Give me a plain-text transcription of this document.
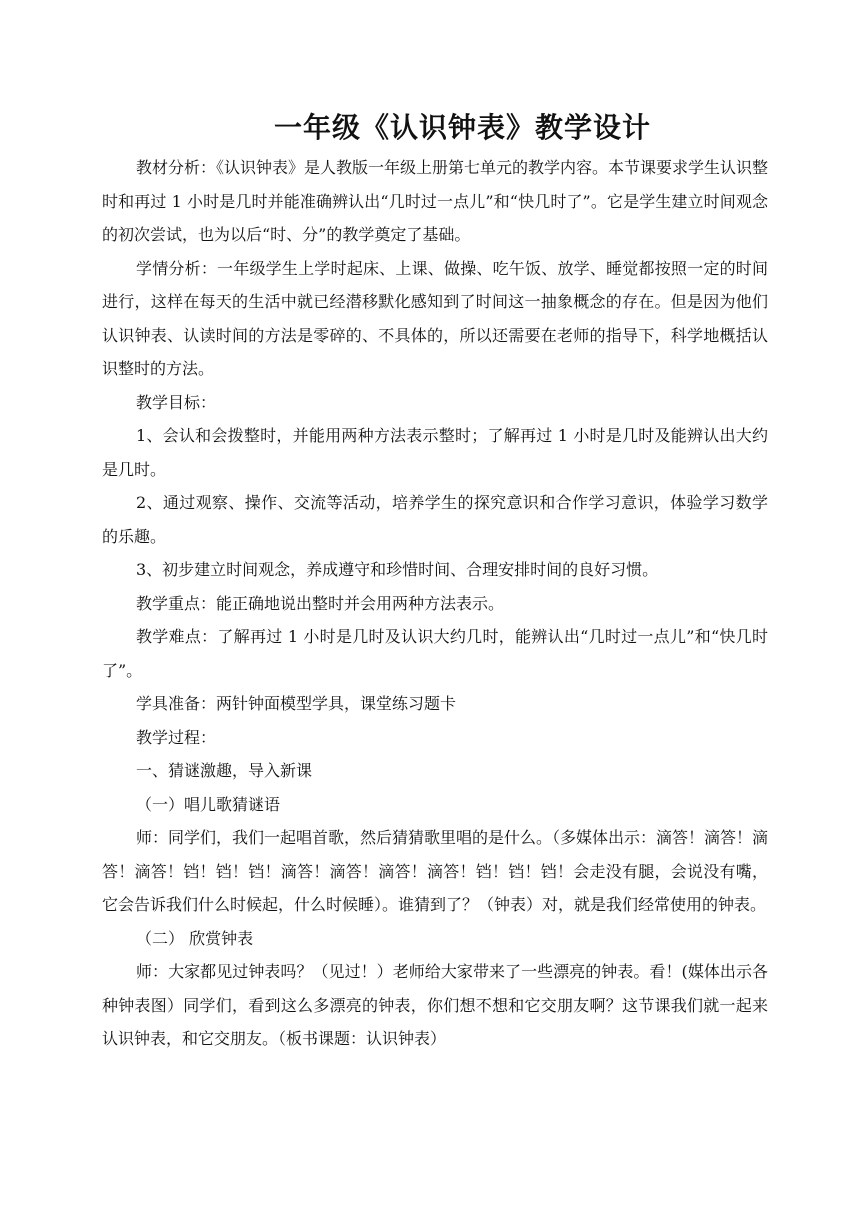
一年级《认识钟表》教学设计

教材分析：《认识钟表》是人教版一年级上册第七单元的教学内容。本节课要求学生认识整时和再过 1 小时是几时并能准确辨认出“几时过一点儿”和“快几时了”。它是学生建立时间观念的初次尝试，也为以后“时、分”的教学奠定了基础。

学情分析：一年级学生上学时起床、上课、做操、吃午饭、放学、睡觉都按照一定的时间进行，这样在每天的生活中就已经潜移默化感知到了时间这一抽象概念的存在。但是因为他们认识钟表、认读时间的方法是零碎的、不具体的，所以还需要在老师的指导下，科学地概括认识整时的方法。

教学目标：

1、会认和会拨整时，并能用两种方法表示整时；了解再过 1 小时是几时及能辨认出大约是几时。

2、通过观察、操作、交流等活动，培养学生的探究意识和合作学习意识，体验学习数学的乐趣。

3、初步建立时间观念，养成遵守和珍惜时间、合理安排时间的良好习惯。

教学重点：能正确地说出整时并会用两种方法表示。

教学难点：了解再过 1 小时是几时及认识大约几时，能辨认出“几时过一点儿”和“快几时了”。

学具准备：两针钟面模型学具，课堂练习题卡

教学过程：

一、猜谜激趣，导入新课

（一）唱儿歌猜谜语

师：同学们，我们一起唱首歌，然后猜猜歌里唱的是什么。（多媒体出示：滴答！滴答！滴答！滴答！铛！铛！铛！滴答！滴答！滴答！滴答！铛！铛！铛！会走没有腿，会说没有嘴，它会告诉我们什么时候起，什么时候睡）。谁猜到了？（钟表）对，就是我们经常使用的钟表。

（二） 欣赏钟表

师：大家都见过钟表吗？（见过！）老师给大家带来了一些漂亮的钟表。看！(媒体出示各种钟表图）同学们，看到这么多漂亮的钟表，你们想不想和它交朋友啊？这节课我们就一起来认识钟表，和它交朋友。（板书课题：认识钟表）
